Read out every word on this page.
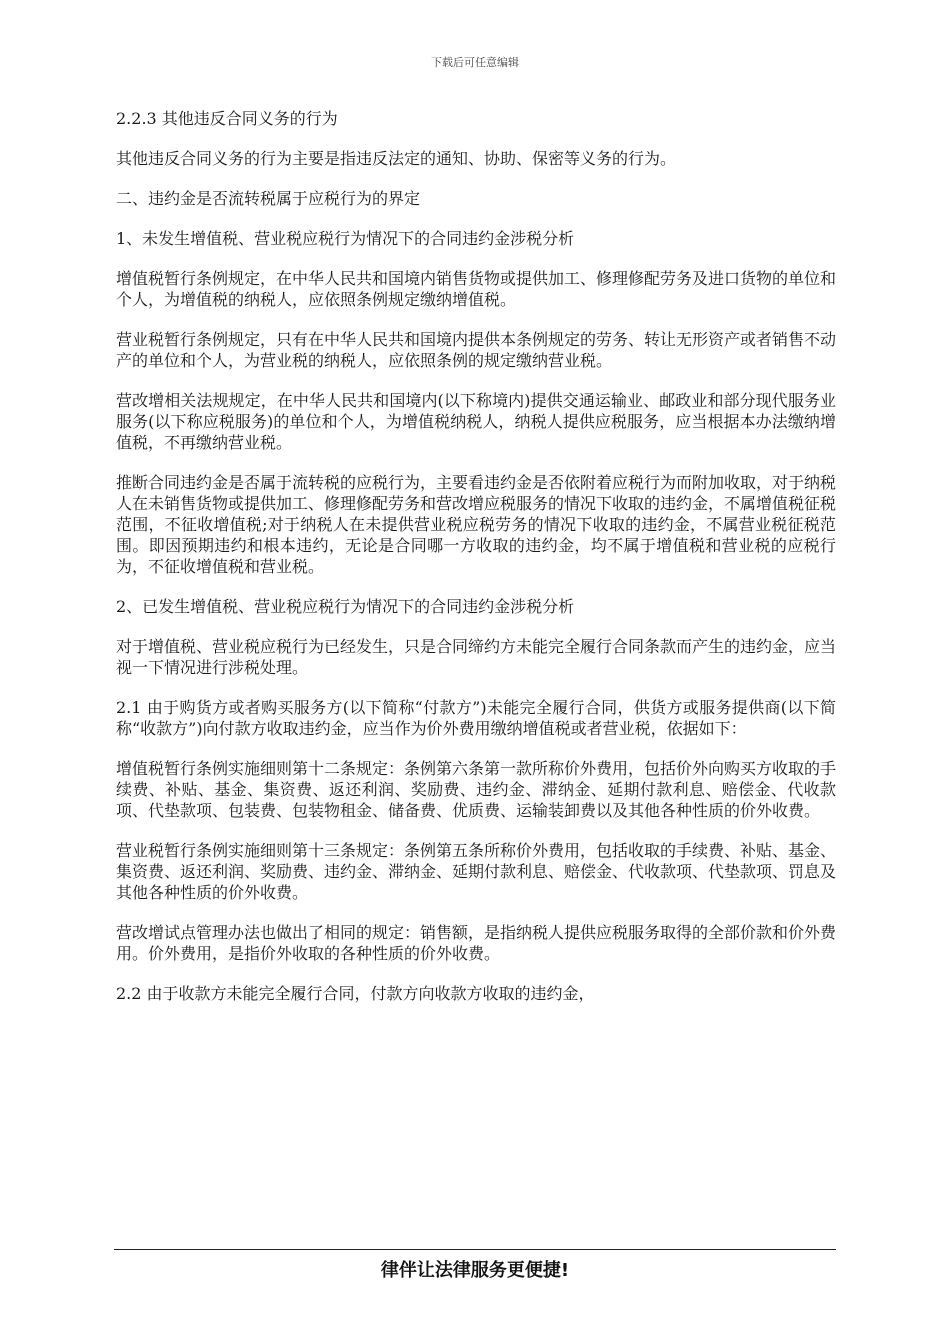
下载后可任意编辑

2.2.3 其他违反合同义务的行为

其他违反合同义务的行为主要是指违反法定的通知、协助、保密等义务的行为。

二、违约金是否流转税属于应税行为的界定

1、未发生增值税、营业税应税行为情况下的合同违约金涉税分析

增值税暂行条例规定，在中华人民共和国境内销售货物或提供加工、修理修配劳务及进口货物的单位和个人，为增值税的纳税人，应依照条例规定缴纳增值税。

营业税暂行条例规定，只有在中华人民共和国境内提供本条例规定的劳务、转让无形资产或者销售不动产的单位和个人，为营业税的纳税人，应依照条例的规定缴纳营业税。

营改增相关法规规定，在中华人民共和国境内(以下称境内)提供交通运输业、邮政业和部分现代服务业服务(以下称应税服务)的单位和个人，为增值税纳税人，纳税人提供应税服务，应当根据本办法缴纳增值税，不再缴纳营业税。

推断合同违约金是否属于流转税的应税行为，主要看违约金是否依附着应税行为而附加收取，对于纳税人在未销售货物或提供加工、修理修配劳务和营改增应税服务的情况下收取的违约金，不属增值税征税范围，不征收增值税;对于纳税人在未提供营业税应税劳务的情况下收取的违约金，不属营业税征税范围。即因预期违约和根本违约，无论是合同哪一方收取的违约金，均不属于增值税和营业税的应税行为，不征收增值税和营业税。

2、已发生增值税、营业税应税行为情况下的合同违约金涉税分析

对于增值税、营业税应税行为已经发生，只是合同缔约方未能完全履行合同条款而产生的违约金，应当视一下情况进行涉税处理。

2.1 由于购货方或者购买服务方(以下简称“付款方”)未能完全履行合同，供货方或服务提供商(以下简称“收款方”)向付款方收取违约金，应当作为价外费用缴纳增值税或者营业税，依据如下：

增值税暂行条例实施细则第十二条规定：条例第六条第一款所称价外费用，包括价外向购买方收取的手续费、补贴、基金、集资费、返还利润、奖励费、违约金、滞纳金、延期付款利息、赔偿金、代收款项、代垫款项、包装费、包装物租金、储备费、优质费、运输装卸费以及其他各种性质的价外收费。

营业税暂行条例实施细则第十三条规定：条例第五条所称价外费用，包括收取的手续费、补贴、基金、集资费、返还利润、奖励费、违约金、滞纳金、延期付款利息、赔偿金、代收款项、代垫款项、罚息及其他各种性质的价外收费。

营改增试点管理办法也做出了相同的规定：销售额，是指纳税人提供应税服务取得的全部价款和价外费用。价外费用，是指价外收取的各种性质的价外收费。

2.2 由于收款方未能完全履行合同，付款方向收款方收取的违约金，

律伴让法律服务更便捷!
